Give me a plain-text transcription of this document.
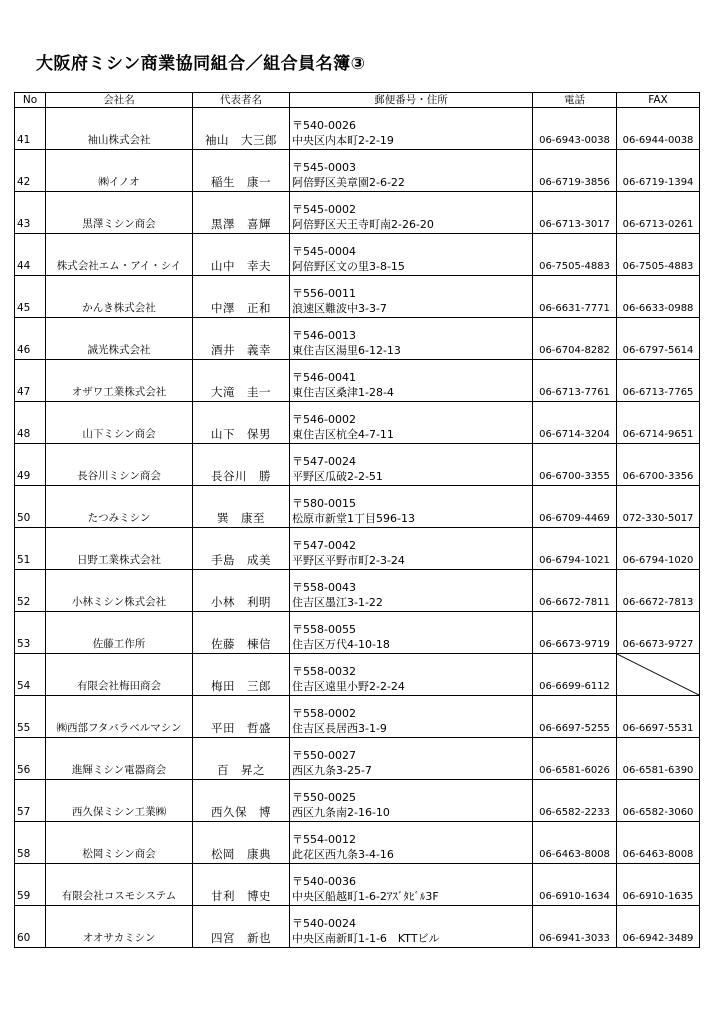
大阪府ミシン商業協同組合／組合員名簿③
No	会社名	代表者名	郵便番号・住所	電話	FAX
41	袖山株式会社	袖山　大三郎	〒540-0026
中央区内本町2-2-19	06-6943-0038	06-6944-0038
42	㈱イノオ	稲生　康一	〒545-0003
阿倍野区美章園2-6-22	06-6719-3856	06-6719-1394
43	黒澤ミシン商会	黒澤　喜輝	〒545-0002
阿倍野区天王寺町南2-26-20	06-6713-3017	06-6713-0261
44	株式会社エム・アイ・シイ	山中　幸夫	〒545-0004
阿倍野区文の里3-8-15	06-7505-4883	06-7505-4883
45	かんき株式会社	中澤　正和	〒556-0011
浪速区難波中3-3-7	06-6631-7771	06-6633-0988
46	誠光株式会社	酒井　義幸	〒546-0013
東住吉区湯里6-12-13	06-6704-8282	06-6797-5614
47	オザワ工業株式会社	大滝　圭一	〒546-0041
東住吉区桑津1-28-4	06-6713-7761	06-6713-7765
48	山下ミシン商会	山下　保男	〒546-0002
東住吉区杭全4-7-11	06-6714-3204	06-6714-9651
49	長谷川ミシン商会	長谷川　勝	〒547-0024
平野区瓜破2-2-51	06-6700-3355	06-6700-3356
50	たつみミシン	巽　康至	〒580-0015
松原市新堂1丁目596-13	06-6709-4469	072-330-5017
51	日野工業株式会社	手島　成美	〒547-0042
平野区平野市町2-3-24	06-6794-1021	06-6794-1020
52	小林ミシン株式会社	小林　利明	〒558-0043
住吉区墨江3-1-22	06-6672-7811	06-6672-7813
53	佐藤工作所	佐藤　棟信	〒558-0055
住吉区万代4-10-18	06-6673-9719	06-6673-9727
54	有限会社梅田商会	梅田　三郎	〒558-0032
住吉区遠里小野2-2-24	06-6699-6112	

55	㈱西部フタバラベルマシン	平田　哲盛	〒558-0002
住吉区長居西3-1-9	06-6697-5255	06-6697-5531
56	進輝ミシン電器商会	百　昇之	〒550-0027
西区九条3-25-7	06-6581-6026	06-6581-6390
57	西久保ミシン工業㈱	西久保　博	〒550-0025
西区九条南2-16-10	06-6582-2233	06-6582-3060
58	松岡ミシン商会	松岡　康典	〒554-0012
此花区西九条3-4-16	06-6463-8008	06-6463-8008
59	有限会社コスモシステム	甘利　博史	〒540-0036
中央区船越町1-6-2ｱｽﾞﾀﾋﾞﾙ3F	06-6910-1634	06-6910-1635
60	オオサカミシン	四宮　新也	〒540-0024
中央区南新町1-1-6　KTTビル	06-6941-3033	06-6942-3489
